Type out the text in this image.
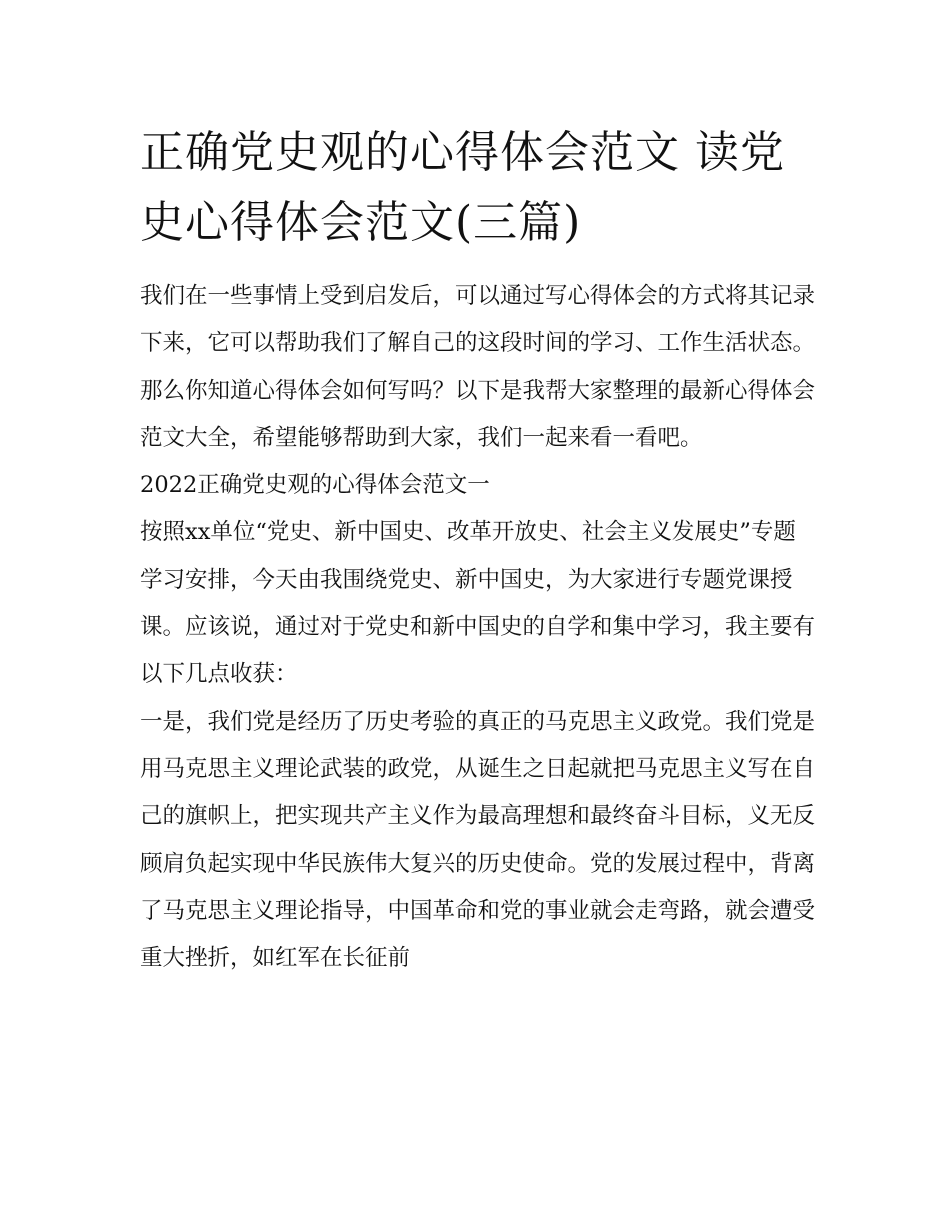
正确党史观的心得体会范文 读党史心得体会范文(三篇)

我们在一些事情上受到启发后，可以通过写心得体会的方式将其记录下来，它可以帮助我们了解自己的这段时间的学习、工作生活状态。那么你知道心得体会如何写吗？以下是我帮大家整理的最新心得体会范文大全，希望能够帮助到大家，我们一起来看一看吧。

2022正确党史观的心得体会范文一

按照xx单位“党史、新中国史、改革开放史、社会主义发展史”专题学习安排，今天由我围绕党史、新中国史，为大家进行专题党课授课。应该说，通过对于党史和新中国史的自学和集中学习，我主要有以下几点收获：

一是，我们党是经历了历史考验的真正的马克思主义政党。我们党是用马克思主义理论武装的政党，从诞生之日起就把马克思主义写在自己的旗帜上，把实现共产主义作为最高理想和最终奋斗目标，义无反顾肩负起实现中华民族伟大复兴的历史使命。党的发展过程中，背离了马克思主义理论指导，中国革命和党的事业就会走弯路，就会遭受重大挫折，如红军在长征前
